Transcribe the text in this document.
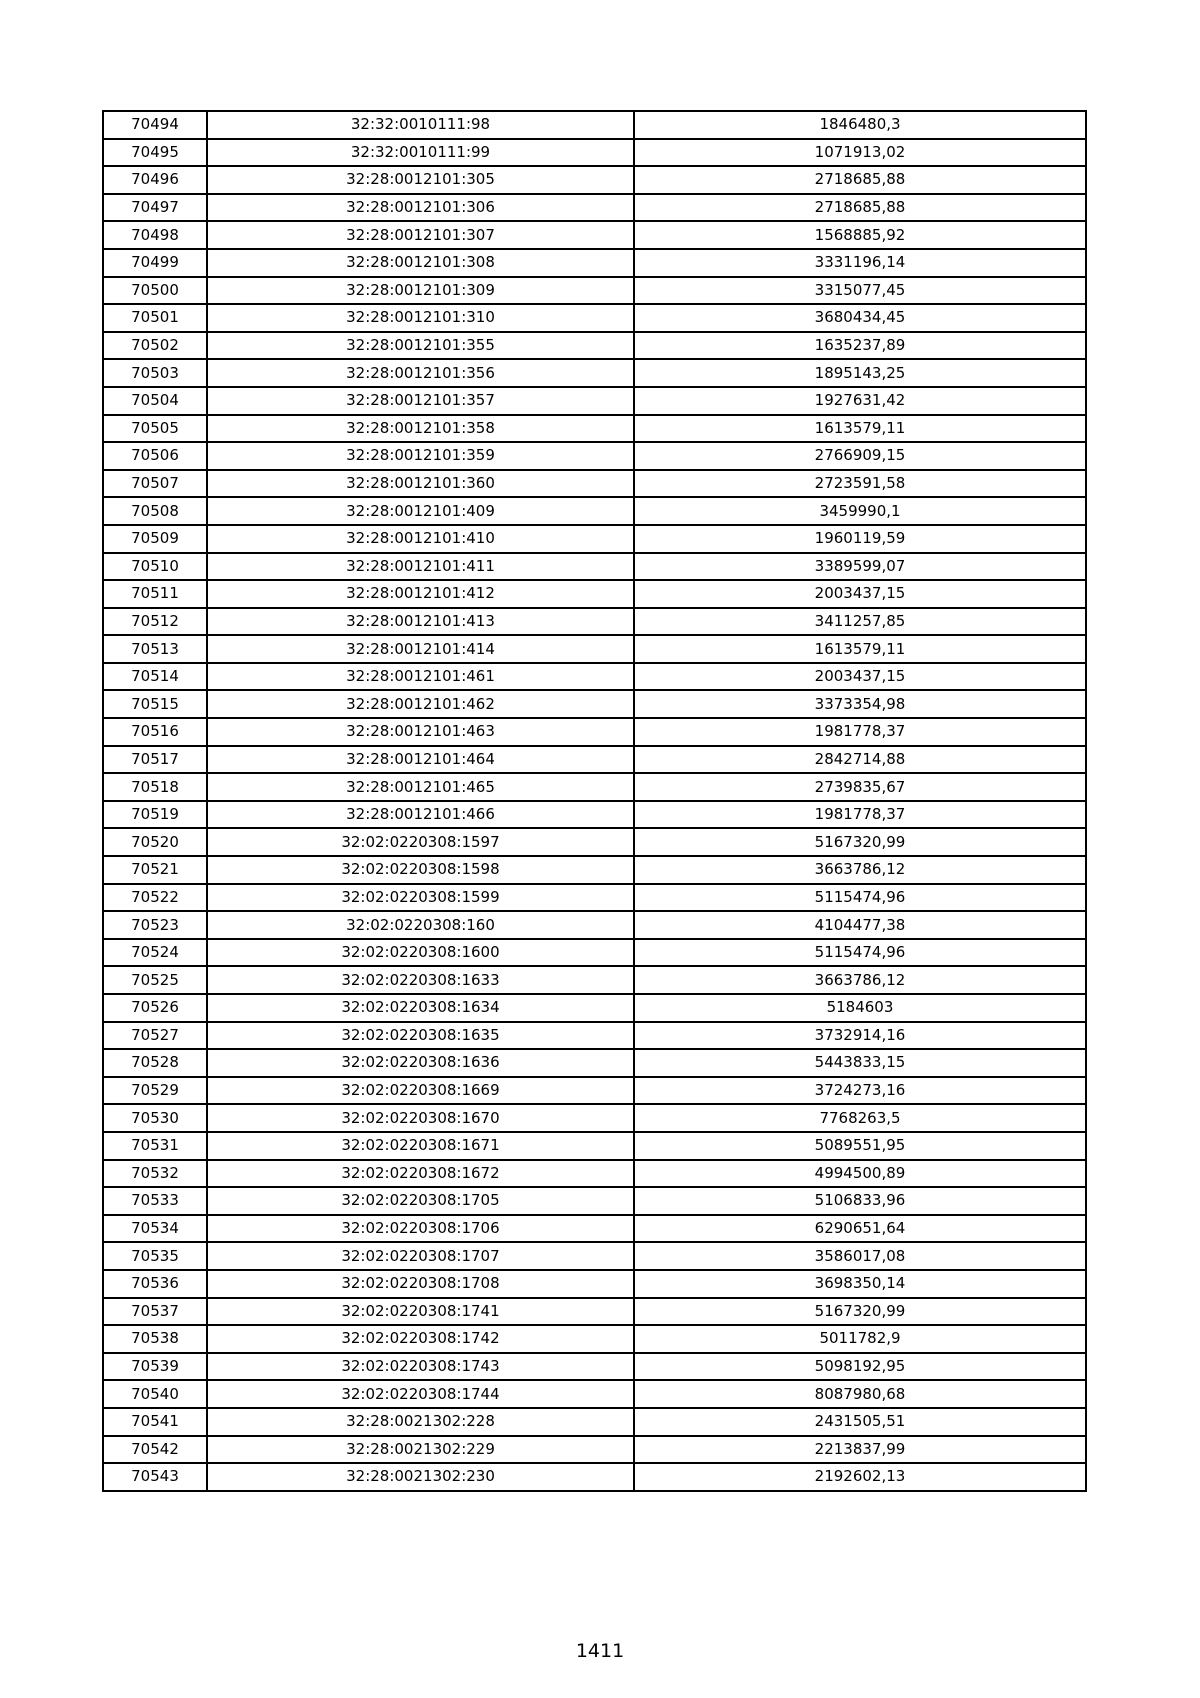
70494	32:32:0010111:98	1846480,3
70495	32:32:0010111:99	1071913,02
70496	32:28:0012101:305	2718685,88
70497	32:28:0012101:306	2718685,88
70498	32:28:0012101:307	1568885,92
70499	32:28:0012101:308	3331196,14
70500	32:28:0012101:309	3315077,45
70501	32:28:0012101:310	3680434,45
70502	32:28:0012101:355	1635237,89
70503	32:28:0012101:356	1895143,25
70504	32:28:0012101:357	1927631,42
70505	32:28:0012101:358	1613579,11
70506	32:28:0012101:359	2766909,15
70507	32:28:0012101:360	2723591,58
70508	32:28:0012101:409	3459990,1
70509	32:28:0012101:410	1960119,59
70510	32:28:0012101:411	3389599,07
70511	32:28:0012101:412	2003437,15
70512	32:28:0012101:413	3411257,85
70513	32:28:0012101:414	1613579,11
70514	32:28:0012101:461	2003437,15
70515	32:28:0012101:462	3373354,98
70516	32:28:0012101:463	1981778,37
70517	32:28:0012101:464	2842714,88
70518	32:28:0012101:465	2739835,67
70519	32:28:0012101:466	1981778,37
70520	32:02:0220308:1597	5167320,99
70521	32:02:0220308:1598	3663786,12
70522	32:02:0220308:1599	5115474,96
70523	32:02:0220308:160	4104477,38
70524	32:02:0220308:1600	5115474,96
70525	32:02:0220308:1633	3663786,12
70526	32:02:0220308:1634	5184603
70527	32:02:0220308:1635	3732914,16
70528	32:02:0220308:1636	5443833,15
70529	32:02:0220308:1669	3724273,16
70530	32:02:0220308:1670	7768263,5
70531	32:02:0220308:1671	5089551,95
70532	32:02:0220308:1672	4994500,89
70533	32:02:0220308:1705	5106833,96
70534	32:02:0220308:1706	6290651,64
70535	32:02:0220308:1707	3586017,08
70536	32:02:0220308:1708	3698350,14
70537	32:02:0220308:1741	5167320,99
70538	32:02:0220308:1742	5011782,9
70539	32:02:0220308:1743	5098192,95
70540	32:02:0220308:1744	8087980,68
70541	32:28:0021302:228	2431505,51
70542	32:28:0021302:229	2213837,99
70543	32:28:0021302:230	2192602,13
1411
